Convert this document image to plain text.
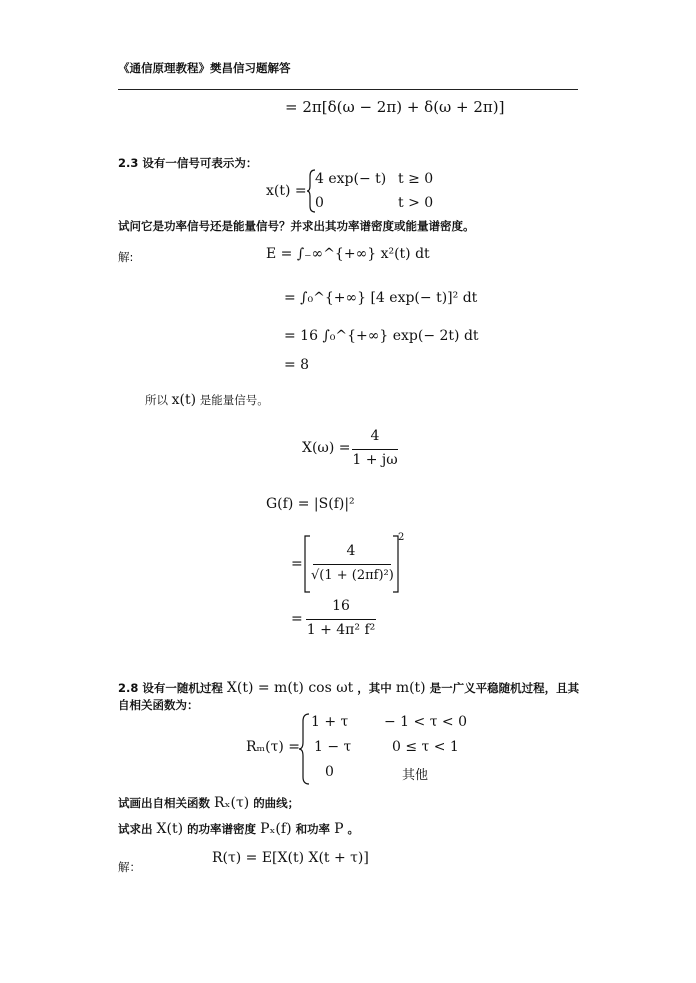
《通信原理教程》樊昌信习题解答
= 2π[δ(ω − 2π) + δ(ω + 2π)]
2.3 设有一信号可表示为：
x(t) =
4 exp(− t) t ≥ 0
0	t > 0
试问它是功率信号还是能量信号？并求出其功率谱密度或能量谱密度。
解:	E = ∫₋∞^{+∞} x²(t) dt
= ∫₀^{+∞} [4 exp(− t)]² dt
= 16 ∫₀^{+∞} exp(− 2t) dt
= 8
所以 x(t) 是能量信号。
X(ω) =
4
1 + jω
G(f) = |S(f)|²
=
4
√(1 + (2πf)²)
2
=
16
1 + 4π² f²
2.8 设有一随机过程 X(t) = m(t) cos ωt ，其中 m(t) 是一广义平稳随机过程，且其
自相关函数为：
Rₘ(τ) =
1 + τ	− 1 < τ < 0
1 − τ	0 ≤ τ < 1
0	其他
试画出自相关函数 Rₓ(τ) 的曲线；
试求出 X(t) 的功率谱密度 Pₓ(f) 和功率 P 。
解：
R(τ) = E[X(t) X(t + τ)]
